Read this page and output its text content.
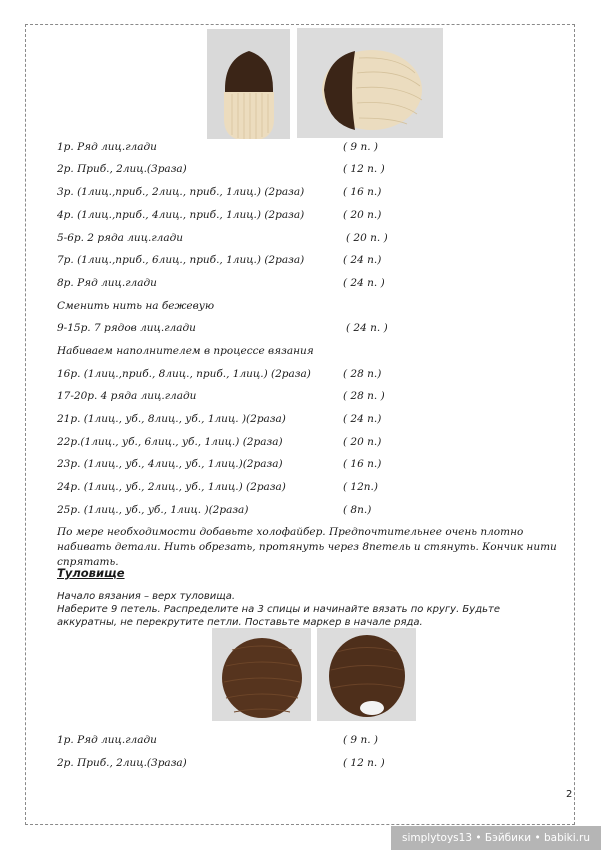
1р. Ряд лиц.глади	( 9 п. )
2р. Приб., 2лиц.(3раза)	( 12 п. )
3р. (1лиц.,приб., 2лиц., приб., 1лиц.) (2раза)	( 16 п.)
4р. (1лиц.,приб., 4лиц., приб., 1лиц.) (2раза)	( 20 п.)
5-6р. 2 ряда лиц.глади	( 20 п. )
7р. (1лиц.,приб., 6лиц., приб., 1лиц.) (2раза)	( 24 п.)
8р. Ряд лиц.глади	( 24 п. )
Сменить нить на бежевую
9-15р. 7 рядов лиц.глади	( 24 п. )
Набиваем наполнителем в процессе вязания
16р. (1лиц.,приб., 8лиц., приб., 1лиц.) (2раза)	( 28 п.)
17-20р. 4 ряда лиц.глади	( 28 п. )
21р. (1лиц., уб., 8лиц., уб., 1лиц. )(2раза)	( 24 п.)
22р.(1лиц., уб., 6лиц., уб., 1лиц.) (2раза)	( 20 п.)
23р. (1лиц., уб., 4лиц., уб., 1лиц.)(2раза)	( 16 п.)
24р. (1лиц., уб., 2лиц., уб., 1лиц.) (2раза)	( 12п.)
25р. (1лиц., уб., уб., 1лиц. )(2раза)	( 8п.)
По мере необходимости добавьте холофайбер. Предпочтительнее очень плотно набивать детали. Нить обрезать, протянуть через 8петель и стянуть. Кончик нити спрятать.
Туловище
Начало вязания – верх туловища.
Наберите 9 петель. Распределите на 3 спицы и начинайте вязать по кругу. Будьте аккуратны, не перекрутите петли. Поставьте маркер в начале ряда.
1р. Ряд лиц.глади	( 9 п. )
2р. Приб., 2лиц.(3раза)	( 12 п. )
2
simplytoys13 • Бэйбики • babiki.ru
